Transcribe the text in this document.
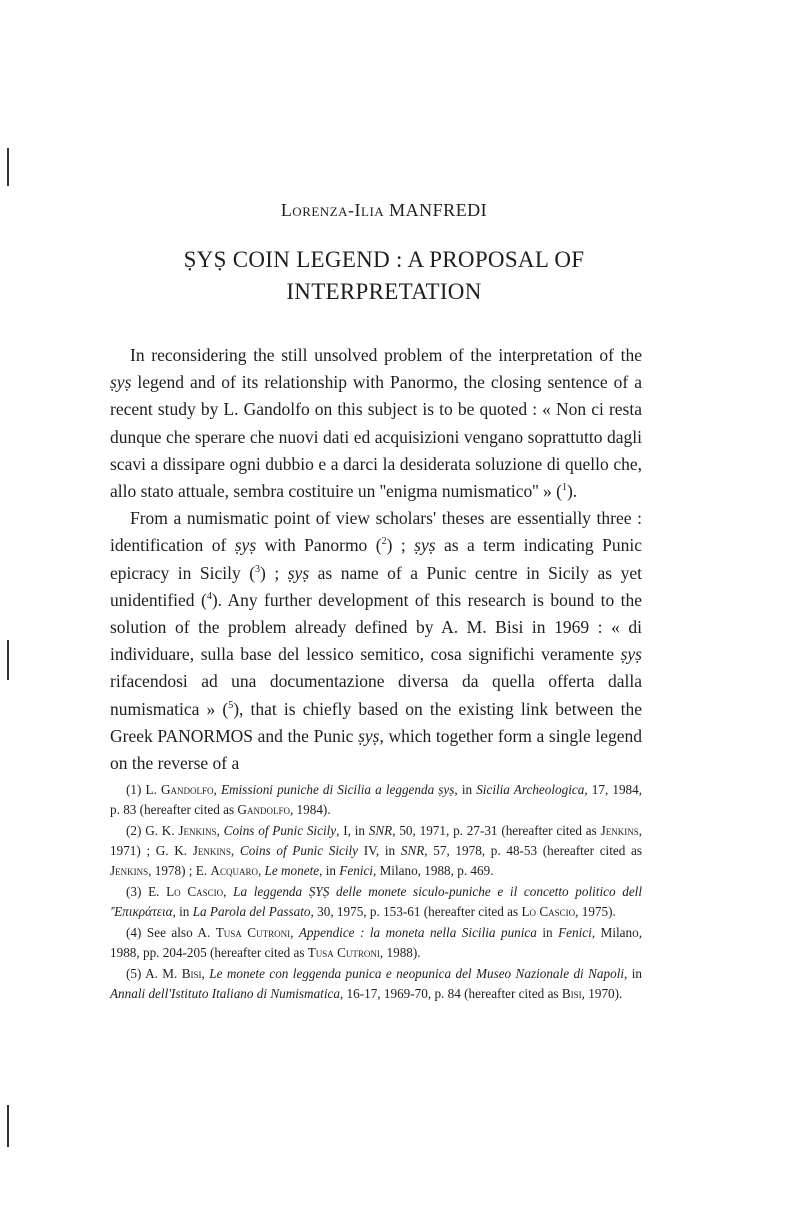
Lorenza-Ilia MANFREDI
ṢYṢ COIN LEGEND : A PROPOSAL OF
INTERPRETATION

In reconsidering the still unsolved problem of the interpretation of the ṣyṣ legend and of its relationship with Panormo, the closing sentence of a recent study by L. Gandolfo on this subject is to be quoted : « Non ci resta dunque che sperare che nuovi dati ed acquisizioni vengano soprattutto dagli scavi a dissipare ogni dubbio e a darci la desiderata soluzione di quello che, allo stato attuale, sembra costituire un ''enigma numismatico'' » ($^1$).

From a numismatic point of view scholars' theses are essentially three : identification of ṣyṣ with Panormo ($^2$) ; ṣyṣ as a term indicating Punic epicracy in Sicily ($^3$) ; ṣyṣ as name of a Punic centre in Sicily as yet unidentified ($^4$). Any further development of this research is bound to the solution of the problem already defined by A. M. Bisi in 1969 : « di individuare, sulla base del lessico semitico, cosa significhi veramente ṣyṣ rifacendosi ad una documentazione diversa da quella offerta dalla numismatica » ($^5$), that is chiefly based on the existing link between the Greek PANORMOS and the Punic ṣyṣ, which together form a single legend on the reverse of a

(1) L. Gandolfo, Emissioni puniche di Sicilia a leggenda ṣyṣ, in Sicilia Archeologica, 17, 1984, p. 83 (hereafter cited as Gandolfo, 1984).

(2) G. K. Jenkins, Coins of Punic Sicily, I, in SNR, 50, 1971, p. 27-31 (hereafter cited as Jenkins, 1971) ; G. K. Jenkins, Coins of Punic Sicily IV, in SNR, 57, 1978, p. 48-53 (hereafter cited as Jenkins, 1978) ; E. Acquaro, Le monete, in Fenici, Milano, 1988, p. 469.

(3) E. Lo Cascio, La leggenda ṢYṢ delle monete siculo-puniche e il concetto politico dell 'Ἐπικράτεια, in La Parola del Passato, 30, 1975, p. 153-61 (hereafter cited as Lo Cascio, 1975).

(4) See also A. Tusa Cutroni, Appendice : la moneta nella Sicilia punica in Fenici, Milano, 1988, pp. 204-205 (hereafter cited as Tusa Cutroni, 1988).

(5) A. M. Bisi, Le monete con leggenda punica e neopunica del Museo Nazionale di Napoli, in Annali dell'Istituto Italiano di Numismatica, 16-17, 1969-70, p. 84 (hereafter cited as Bisi, 1970).
